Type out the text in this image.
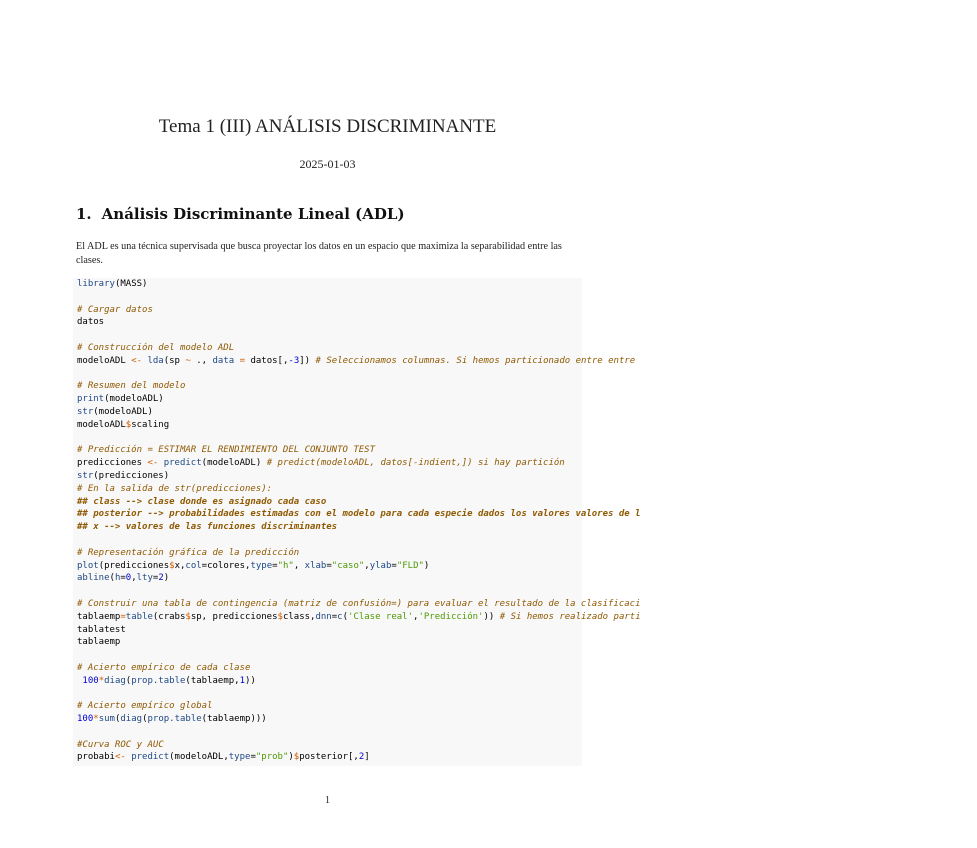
Tema 1 (III) ANÁLISIS DISCRIMINANTE
2025-01-03
1. Análisis Discriminante Lineal (ADL)

El ADL es una técnica supervisada que busca proyectar los datos en un espacio que maximiza la separabilidad entre las clases.

library(MASS)
# Cargar datos
datos
# Construcción del modelo ADL
modeloADL <- lda(sp ~ ., data = datos[,-3]) # Seleccionamos columnas. Si hemos particionado entre entre
# Resumen del modelo
print(modeloADL)
str(modeloADL)
modeloADL$scaling
# Predicción = ESTIMAR EL RENDIMIENTO DEL CONJUNTO TEST
predicciones <- predict(modeloADL) # predict(modeloADL, datos[-indient,]) si hay partición
str(predicciones)
# En la salida de str(predicciones):
## class --> clase donde es asignado cada caso
## posterior --> probabilidades estimadas con el modelo para cada especie dados los valores valores de l
## x --> valores de las funciones discriminantes
# Representación gráfica de la predicción
plot(predicciones$x,col=colores,type="h", xlab="caso",ylab="FLD")
abline(h=0,lty=2)
# Construir una tabla de contingencia (matriz de confusión=) para evaluar el resultado de la clasificaci
tablaemp=table(crabs$sp, predicciones$class,dnn=c('Clase real','Predicción')) # Si hemos realizado parti
tablatest
tablaemp
# Acierto empírico de cada clase
100*diag(prop.table(tablaemp,1))
# Acierto empírico global
100*sum(diag(prop.table(tablaemp)))
#Curva ROC y AUC
probabi<- predict(modeloADL,type="prob")$posterior[,2]
1
